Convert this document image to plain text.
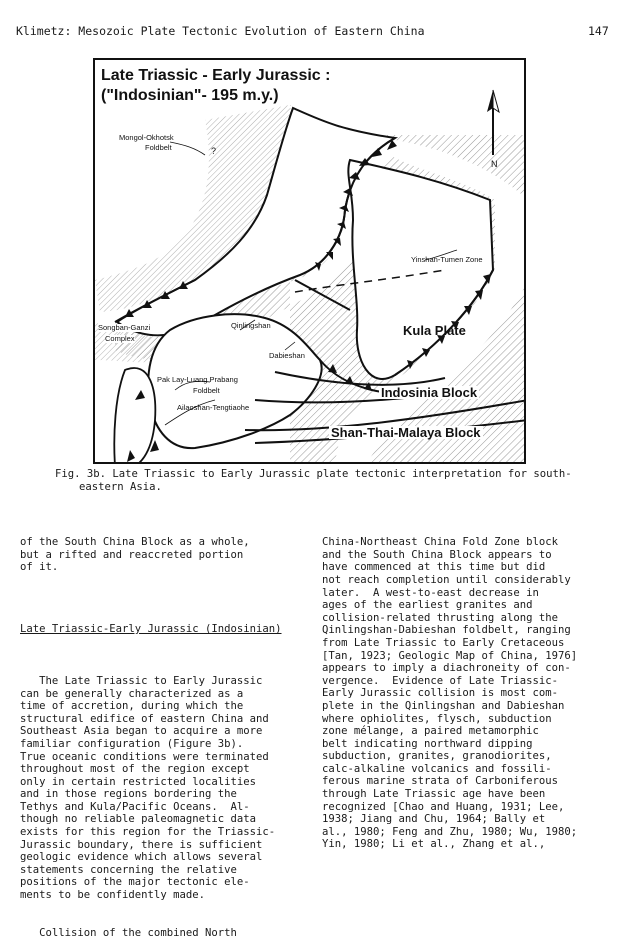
Klimetz: Mesozoic Plate Tectonic Evolution of Eastern China	147
Late Triassic - Early Jurassic :
("Indosinian"- 195 m.y.)
N
?
Mongol-Okhotsk
Foldbelt
Yinshan-Tumen Zone
Songban-Ganzi
Complex
Qinlingshan
Dabieshan
Kula Plate
Pak Lay-Luang Prabang
Foldbelt
Ailaoshan-Tengtiaohe
Indosinia Block
Shan-Thai-Malaya Block
Fig. 3b. Late Triassic to Early Jurassic plate tectonic interpretation for south-
eastern Asia.

of the South China Block as a whole,
but a rifted and reaccreted portion
of it.

Late Triassic-Early Jurassic (Indosinian)

The Late Triassic to Early Jurassic
can be generally characterized as a
time of accretion, during which the
structural edifice of eastern China and
Southeast Asia began to acquire a more
familiar configuration (Figure 3b).
True oceanic conditions were terminated
throughout most of the region except
only in certain restricted localities
and in those regions bordering the
Tethys and Kula/Pacific Oceans.  Al-
though no reliable paleomagnetic data
exists for this region for the Triassic-
Jurassic boundary, there is sufficient
geologic evidence which allows several
statements concerning the relative
positions of the major tectonic ele-
ments to be confidently made.

Collision of the combined North

China-Northeast China Fold Zone block
and the South China Block appears to
have commenced at this time but did
not reach completion until considerably
later.  A west-to-east decrease in
ages of the earliest granites and
collision-related thrusting along the
Qinlingshan-Dabieshan foldbelt, ranging
from Late Triassic to Early Cretaceous
[Tan, 1923; Geologic Map of China, 1976]
appears to imply a diachroneity of con-
vergence.  Evidence of Late Triassic-
Early Jurassic collision is most com-
plete in the Qinlingshan and Dabieshan
where ophiolites, flysch, subduction
zone mélange, a paired metamorphic
belt indicating northward dipping
subduction, granites, granodiorites,
calc-alkaline volcanics and fossili-
ferous marine strata of Carboniferous
through Late Triassic age have been
recognized [Chao and Huang, 1931; Lee,
1938; Jiang and Chu, 1964; Bally et
al., 1980; Feng and Zhu, 1980; Wu, 1980;
Yin, 1980; Li et al., Zhang et al.,
